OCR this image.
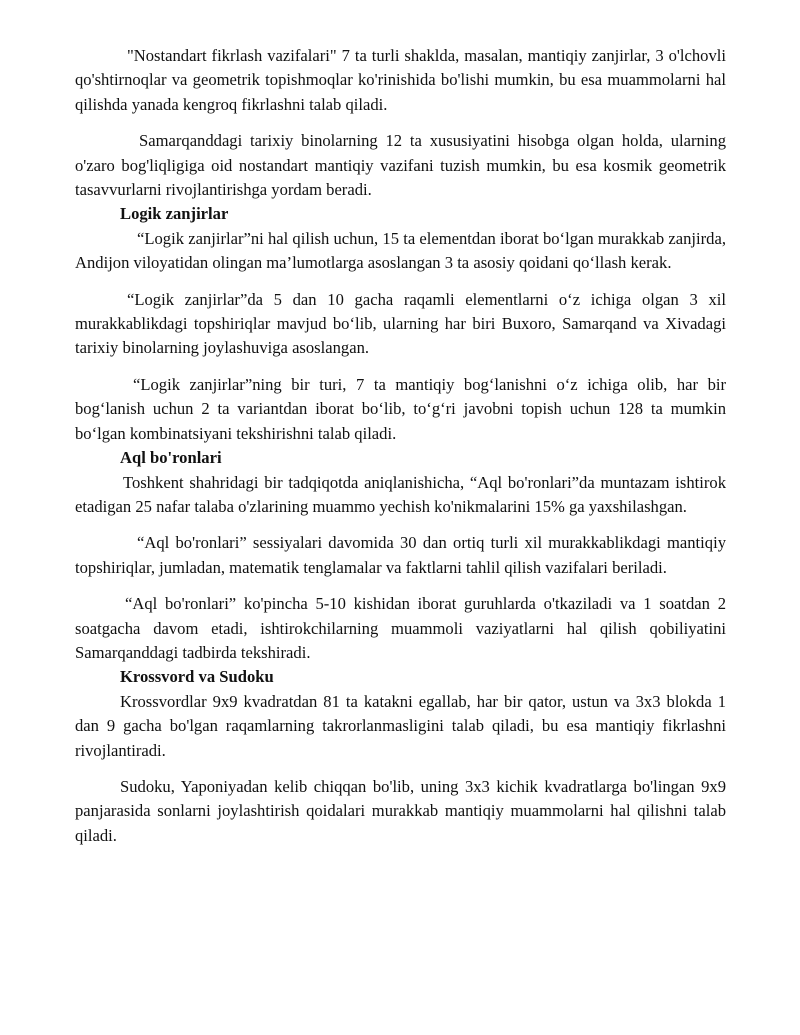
"Nostandart fikrlash vazifalari" 7 ta turli shaklda, masalan, mantiqiy zanjirlar, 3 o'lchovli qo'shtirnoqlar va geometrik topishmoqlar ko'rinishida bo'lishi mumkin, bu esa muammolarni hal qilishda yanada kengroq fikrlashni talab qiladi.

Samarqanddagi tarixiy binolarning 12 ta xususiyatini hisobga olgan holda, ularning o'zaro bog'liqligiga oid nostandart mantiqiy vazifani tuzish mumkin, bu esa kosmik geometrik tasavvurlarni rivojlantirishga yordam beradi.

Logik zanjirlar

“Logik zanjirlar”ni hal qilish uchun, 15 ta elementdan iborat bo‘lgan murakkab zanjirda, Andijon viloyatidan olingan ma’lumotlarga asoslangan 3 ta asosiy qoidani qo‘llash kerak.

“Logik zanjirlar”da 5 dan 10 gacha raqamli elementlarni o‘z ichiga olgan 3 xil murakkablikdagi topshiriqlar mavjud bo‘lib, ularning har biri Buxoro, Samarqand va Xivadagi tarixiy binolarning joylashuviga asoslangan.

“Logik zanjirlar”ning bir turi, 7 ta mantiqiy bog‘lanishni o‘z ichiga olib, har bir bog‘lanish uchun 2 ta variantdan iborat bo‘lib, to‘g‘ri javobni topish uchun 128 ta mumkin bo‘lgan kombinatsiyani tekshirishni talab qiladi.

Aql bo'ronlari

Toshkent shahridagi bir tadqiqotda aniqlanishicha, “Aql bo'ronlari”da muntazam ishtirok etadigan 25 nafar talaba o'zlarining muammo yechish ko'nikmalarini 15% ga yaxshilashgan.

“Aql bo'ronlari” sessiyalari davomida 30 dan ortiq turli xil murakkablikdagi mantiqiy topshiriqlar, jumladan, matematik tenglamalar va faktlarni tahlil qilish vazifalari beriladi.

“Aql bo'ronlari” ko'pincha 5-10 kishidan iborat guruhlarda o'tkaziladi va 1 soatdan 2 soatgacha davom etadi, ishtirokchilarning muammoli vaziyatlarni hal qilish qobiliyatini Samarqanddagi tadbirda tekshiradi.

Krossvord va Sudoku

Krossvordlar 9x9 kvadratdan 81 ta katakni egallab, har bir qator, ustun va 3x3 blokda 1 dan 9 gacha bo'lgan raqamlarning takrorlanmasligini talab qiladi, bu esa mantiqiy fikrlashni rivojlantiradi.

Sudoku, Yaponiyadan kelib chiqqan bo'lib, uning 3x3 kichik kvadratlarga bo'lingan 9x9 panjarasida sonlarni joylashtirish qoidalari murakkab mantiqiy muammolarni hal qilishni talab qiladi.
